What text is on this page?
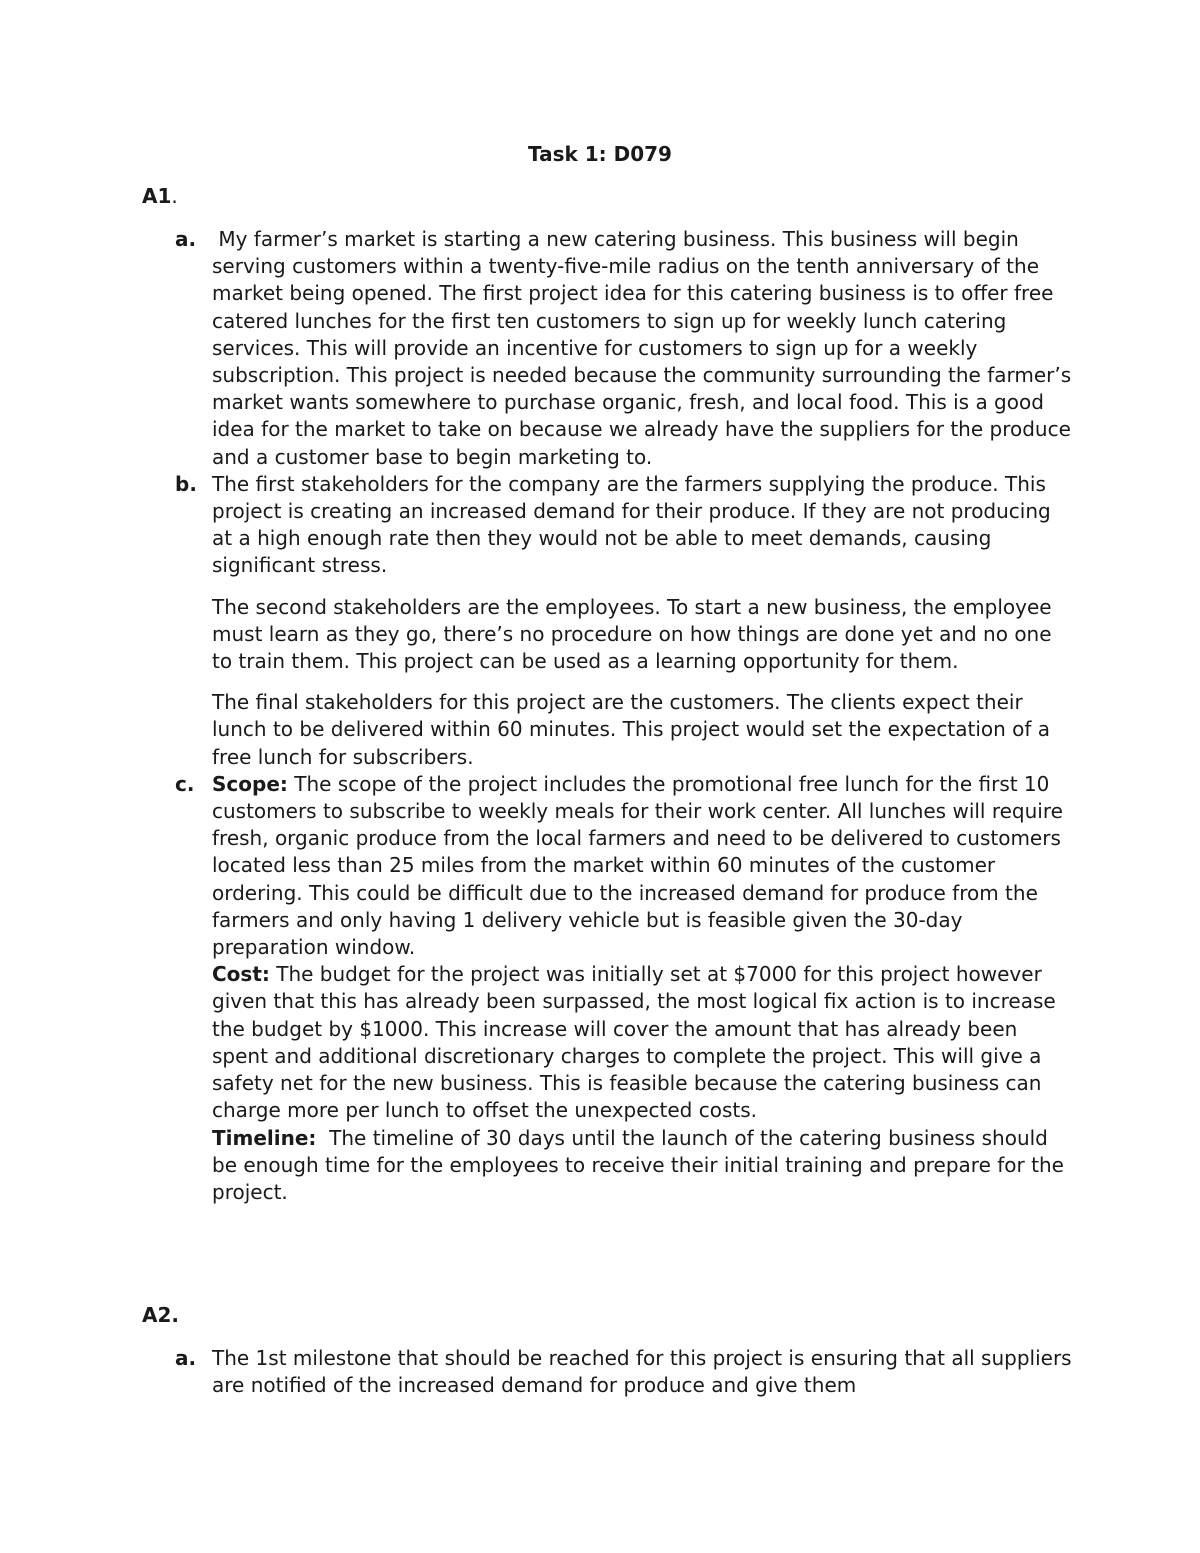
Task 1: D079
A1.
a. My farmer’s market is starting a new catering business. This business will begin serving customers within a twenty-five-mile radius on the tenth anniversary of the market being opened. The first project idea for this catering business is to offer free catered lunches for the first ten customers to sign up for weekly lunch catering services. This will provide an incentive for customers to sign up for a weekly subscription. This project is needed because the community surrounding the farmer’s market wants somewhere to purchase organic, fresh, and local food. This is a good idea for the market to take on because we already have the suppliers for the produce and a customer base to begin marketing to.

b. The first stakeholders for the company are the farmers supplying the produce. This project is creating an increased demand for their produce. If they are not producing at a high enough rate then they would not be able to meet demands, causing significant stress.

The second stakeholders are the employees. To start a new business, the employee must learn as they go, there’s no procedure on how things are done yet and no one to train them. This project can be used as a learning opportunity for them.

The final stakeholders for this project are the customers. The clients expect their lunch to be delivered within 60 minutes. This project would set the expectation of a free lunch for subscribers.

c. Scope: The scope of the project includes the promotional free lunch for the first 10 customers to subscribe to weekly meals for their work center. All lunches will require fresh, organic produce from the local farmers and need to be delivered to customers located less than 25 miles from the market within 60 minutes of the customer ordering. This could be difficult due to the increased demand for produce from the farmers and only having 1 delivery vehicle but is feasible given the 30-day preparation window.

Cost: The budget for the project was initially set at $7000 for this project however given that this has already been surpassed, the most logical fix action is to increase the budget by $1000. This increase will cover the amount that has already been spent and additional discretionary charges to complete the project. This will give a safety net for the new business. This is feasible because the catering business can charge more per lunch to offset the unexpected costs.

Timeline:  The timeline of 30 days until the launch of the catering business should be enough time for the employees to receive their initial training and prepare for the project.

A2.
a. The 1st milestone that should be reached for this project is ensuring that all suppliers are notified of the increased demand for produce and give them
